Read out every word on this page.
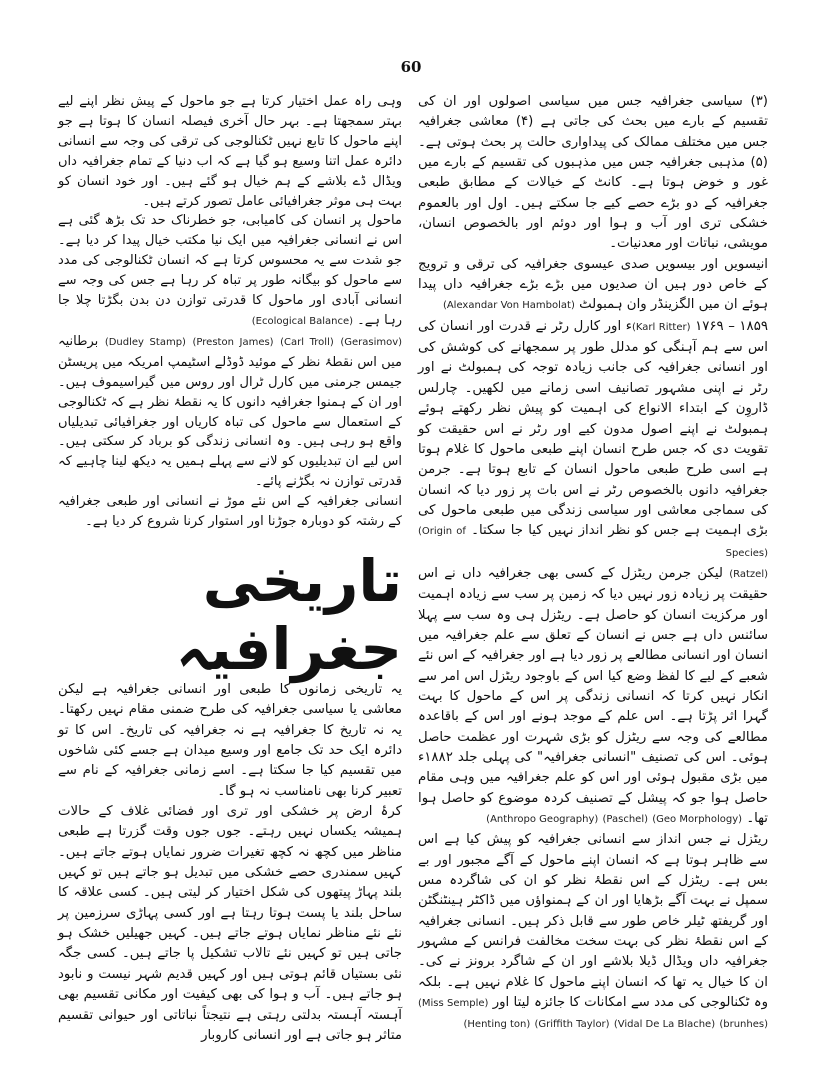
60

(۳) سیاسی جغرافیہ جس میں سیاسی اصولوں اور ان کی تقسیم کے بارے میں بحث کی جاتی ہے (۴) معاشی جغرافیہ جس میں مختلف ممالک کی پیداواری حالت پر بحث ہوتی ہے۔ (۵) مذہبی جغرافیہ جس میں مذہبوں کی تقسیم کے بارے میں غور و خوض ہوتا ہے۔ کانٹ کے خیالات کے مطابق طبعی جغرافیہ کے دو بڑے حصے کیے جا سکتے ہیں۔ اول اور بالعموم خشکی تری اور آب و ہوا اور دوئم اور بالخصوص انسان، مویشی، نباتات اور معدنیات۔

انیسویں اور بیسویں صدی عیسوی جغرافیہ کی ترقی و ترویج کے خاص دور ہیں ان صدیوں میں بڑے بڑے جغرافیہ داں پیدا ہوئے ان میں الگزینڈر وان ہمبولٹ (Alexandar Von Hambolat)

(Karl Ritter) ۱۷۶۹ – ۱۸۵۹ء اور کارل رٹر نے قدرت اور انسان کی اس سے ہم آہنگی کو مدلل طور پر سمجھانے کی کوشش کی اور انسانی جغرافیہ کی جانب زیادہ توجہ کی ہمبولٹ نے اور رٹر نے اپنی مشہور تصانیف اسی زمانے میں لکھیں۔ چارلس ڈاروِن کے ابتداء الانواع کی اہمیت کو پیش نظر رکھتے ہوئے ہمبولٹ نے اپنے اصول مدون کیے اور رٹر نے اس حقیقت کو تقویت دی کہ جس طرح انسان اپنے طبعی ماحول کا غلام ہوتا ہے اسی طرح طبعی ماحول انسان کے تابع ہوتا ہے۔ جرمن جغرافیہ دانوں بالخصوص رٹر نے اس بات پر زور دیا کہ انسان کی سماجی معاشی اور سیاسی زندگی میں طبعی ماحول کی بڑی اہمیت ہے جس کو نظر انداز نہیں کیا جا سکتا۔ (Origin of Species)

(Ratzel) لیکن جرمن ریٹزل کے کسی بھی جغرافیہ داں نے اس حقیقت پر زیادہ زور نہیں دیا کہ زمین پر سب سے زیادہ اہمیت اور مرکزیت انسان کو حاصل ہے۔ ریٹزل ہی وہ سب سے پہلا سائنس داں ہے جس نے انسان کے تعلق سے علم جغرافیہ میں انسان اور انسانی مطالعے پر زور دیا ہے اور جغرافیہ کے اس نئے شعبے کے لیے کا لفظ وضع کیا اس کے باوجود ریٹزل اس امر سے انکار نہیں کرتا کہ انسانی زندگی پر اس کے ماحول کا بہت گہرا اثر پڑتا ہے۔ اس علم کے موجد ہونے اور اس کے باقاعدہ مطالعے کی وجہ سے ریٹزل کو بڑی شہرت اور عظمت حاصل ہوئی۔ اس کی تصنیف "انسانی جغرافیہ" کی پہلی جلد ۱۸۸۲ء میں بڑی مقبول ہوئی اور اس کو علم جغرافیہ میں وہی مقام حاصل ہوا جو کہ پیشل کے تصنیف کردہ موضوع کو حاصل ہوا تھا۔ (Anthropo Geography) (Paschel) (Geo Morphology)

ریٹزل نے جس انداز سے انسانی جغرافیہ کو پیش کیا ہے اس سے ظاہر ہوتا ہے کہ انسان اپنے ماحول کے آگے مجبور اور بے بس ہے۔ ریٹزل کے اس نقطۂ نظر کو ان کی شاگردہ مس سمپل نے بہت آگے بڑھایا اور ان کے ہمنواؤں میں ڈاکٹر ہینٹنگٹن اور گریفتھ ٹیلر خاص طور سے قابل ذکر ہیں۔ انسانی جغرافیہ کے اس نقطۂ نظر کی بہت سخت مخالفت فرانس کے مشہور جغرافیہ داں ویڈال ڈیلا بلاشے اور ان کے شاگرد برونز نے کی۔ ان کا خیال یہ تھا کہ انسان اپنے ماحول کا غلام نہیں ہے۔ بلکہ وہ ٹکنالوجی کی مدد سے امکانات کا جائزہ لیتا اور (Miss Semple) (Henting ton) (Griffith Taylor) (Vidal De La Blache) (brunhes)

وہی راہ عمل اختیار کرتا ہے جو ماحول کے پیش نظر اپنے لیے بہتر سمجھتا ہے۔ بہر حال آخری فیصلہ انسان کا ہوتا ہے جو اپنے ماحول کا تابع نہیں ٹکنالوجی کی ترقی کی وجہ سے انسانی دائرہ عمل اتنا وسیع ہو گیا ہے کہ اب دنیا کے تمام جغرافیہ داں ویڈال ڈے بلاشے کے ہم خیال ہو گئے ہیں۔ اور خود انسان کو بہت ہی موثر جغرافیائی عامل تصور کرتے ہیں۔

ماحول پر انسان کی کامیابی، جو خطرناک حد تک بڑھ گئی ہے اس نے انسانی جغرافیہ میں ایک نیا مکتب خیال پیدا کر دیا ہے۔ جو شدت سے یہ محسوس کرتا ہے کہ انسان ٹکنالوجی کی مدد سے ماحول کو بیگانہ طور پر تباہ کر رہا ہے جس کی وجہ سے انسانی آبادی اور ماحول کا قدرتی توازن دن بدن بگڑتا چلا جا رہا ہے۔ (Ecological Balance)

(Dudley Stamp) (Preston James) (Carl Troll) (Gerasimov) برطانیہ میں اس نقطۂ نظر کے موئید ڈوڈلے اسٹیمپ امریکہ میں پریسٹن جیمس جرمنی میں کارل ٹرال اور روس میں گیراسیموف ہیں۔ اور ان کے ہمنوا جغرافیہ دانوں کا یہ نقطۂ نظر ہے کہ ٹکنالوجی کے استعمال سے ماحول کی تباہ کاریاں اور جغرافیائی تبدیلیاں واقع ہو رہی ہیں۔ وہ انسانی زندگی کو برباد کر سکتی ہیں۔ اس لیے ان تبدیلیوں کو لانے سے پہلے ہمیں یہ دیکھ لینا چاہیے کہ قدرتی توازن نہ بگڑنے پائے۔

انسانی جغرافیہ کے اس نئے موڑ نے انسانی اور طبعی جغرافیہ کے رشتہ کو دوبارہ جوڑنا اور استوار کرنا شروع کر دیا ہے۔

تاریخی جغرافیہ

یہ تاریخی زمانوں کا طبعی اور انسانی جغرافیہ ہے لیکن معاشی یا سیاسی جغرافیہ کی طرح ضمنی مقام نہیں رکھتا۔ یہ نہ تاریخ کا جغرافیہ ہے نہ جغرافیہ کی تاریخ۔ اس کا تو دائرہ ایک حد تک جامع اور وسیع میدان ہے جسے کئی شاخوں میں تقسیم کیا جا سکتا ہے۔ اسے زمانی جغرافیہ کے نام سے تعبیر کرنا بھی نامناسب نہ ہو گا۔

کرۂ ارض پر خشکی اور تری اور فضائی غلاف کے حالات ہمیشہ یکساں نہیں رہتے۔ جوں جوں وقت گزرتا ہے طبعی مناظر میں کچھ نہ کچھ تغیرات ضرور نمایاں ہوتے جاتے ہیں۔ کہیں سمندری حصے خشکی میں تبدیل ہو جاتے ہیں تو کہیں بلند پہاڑ پیتھوں کی شکل اختیار کر لیتی ہیں۔ کسی علاقہ کا ساحل بلند یا پست ہوتا رہتا ہے اور کسی پہاڑی سرزمین پر نئے نئے مناظر نمایاں ہوتے جاتے ہیں۔ کہیں جھیلیں خشک ہو جاتی ہیں تو کہیں نئے تالاب تشکیل پا جاتے ہیں۔ کسی جگہ نئی بستیاں قائم ہوتی ہیں اور کہیں قدیم شہر نیست و نابود ہو جاتے ہیں۔ آب و ہوا کی بھی کیفیت اور مکانی تقسیم بھی آہستہ آہستہ بدلتی رہتی ہے نتیجتاً نباتاتی اور حیوانی تقسیم متاثر ہو جاتی ہے اور انسانی کاروبار
